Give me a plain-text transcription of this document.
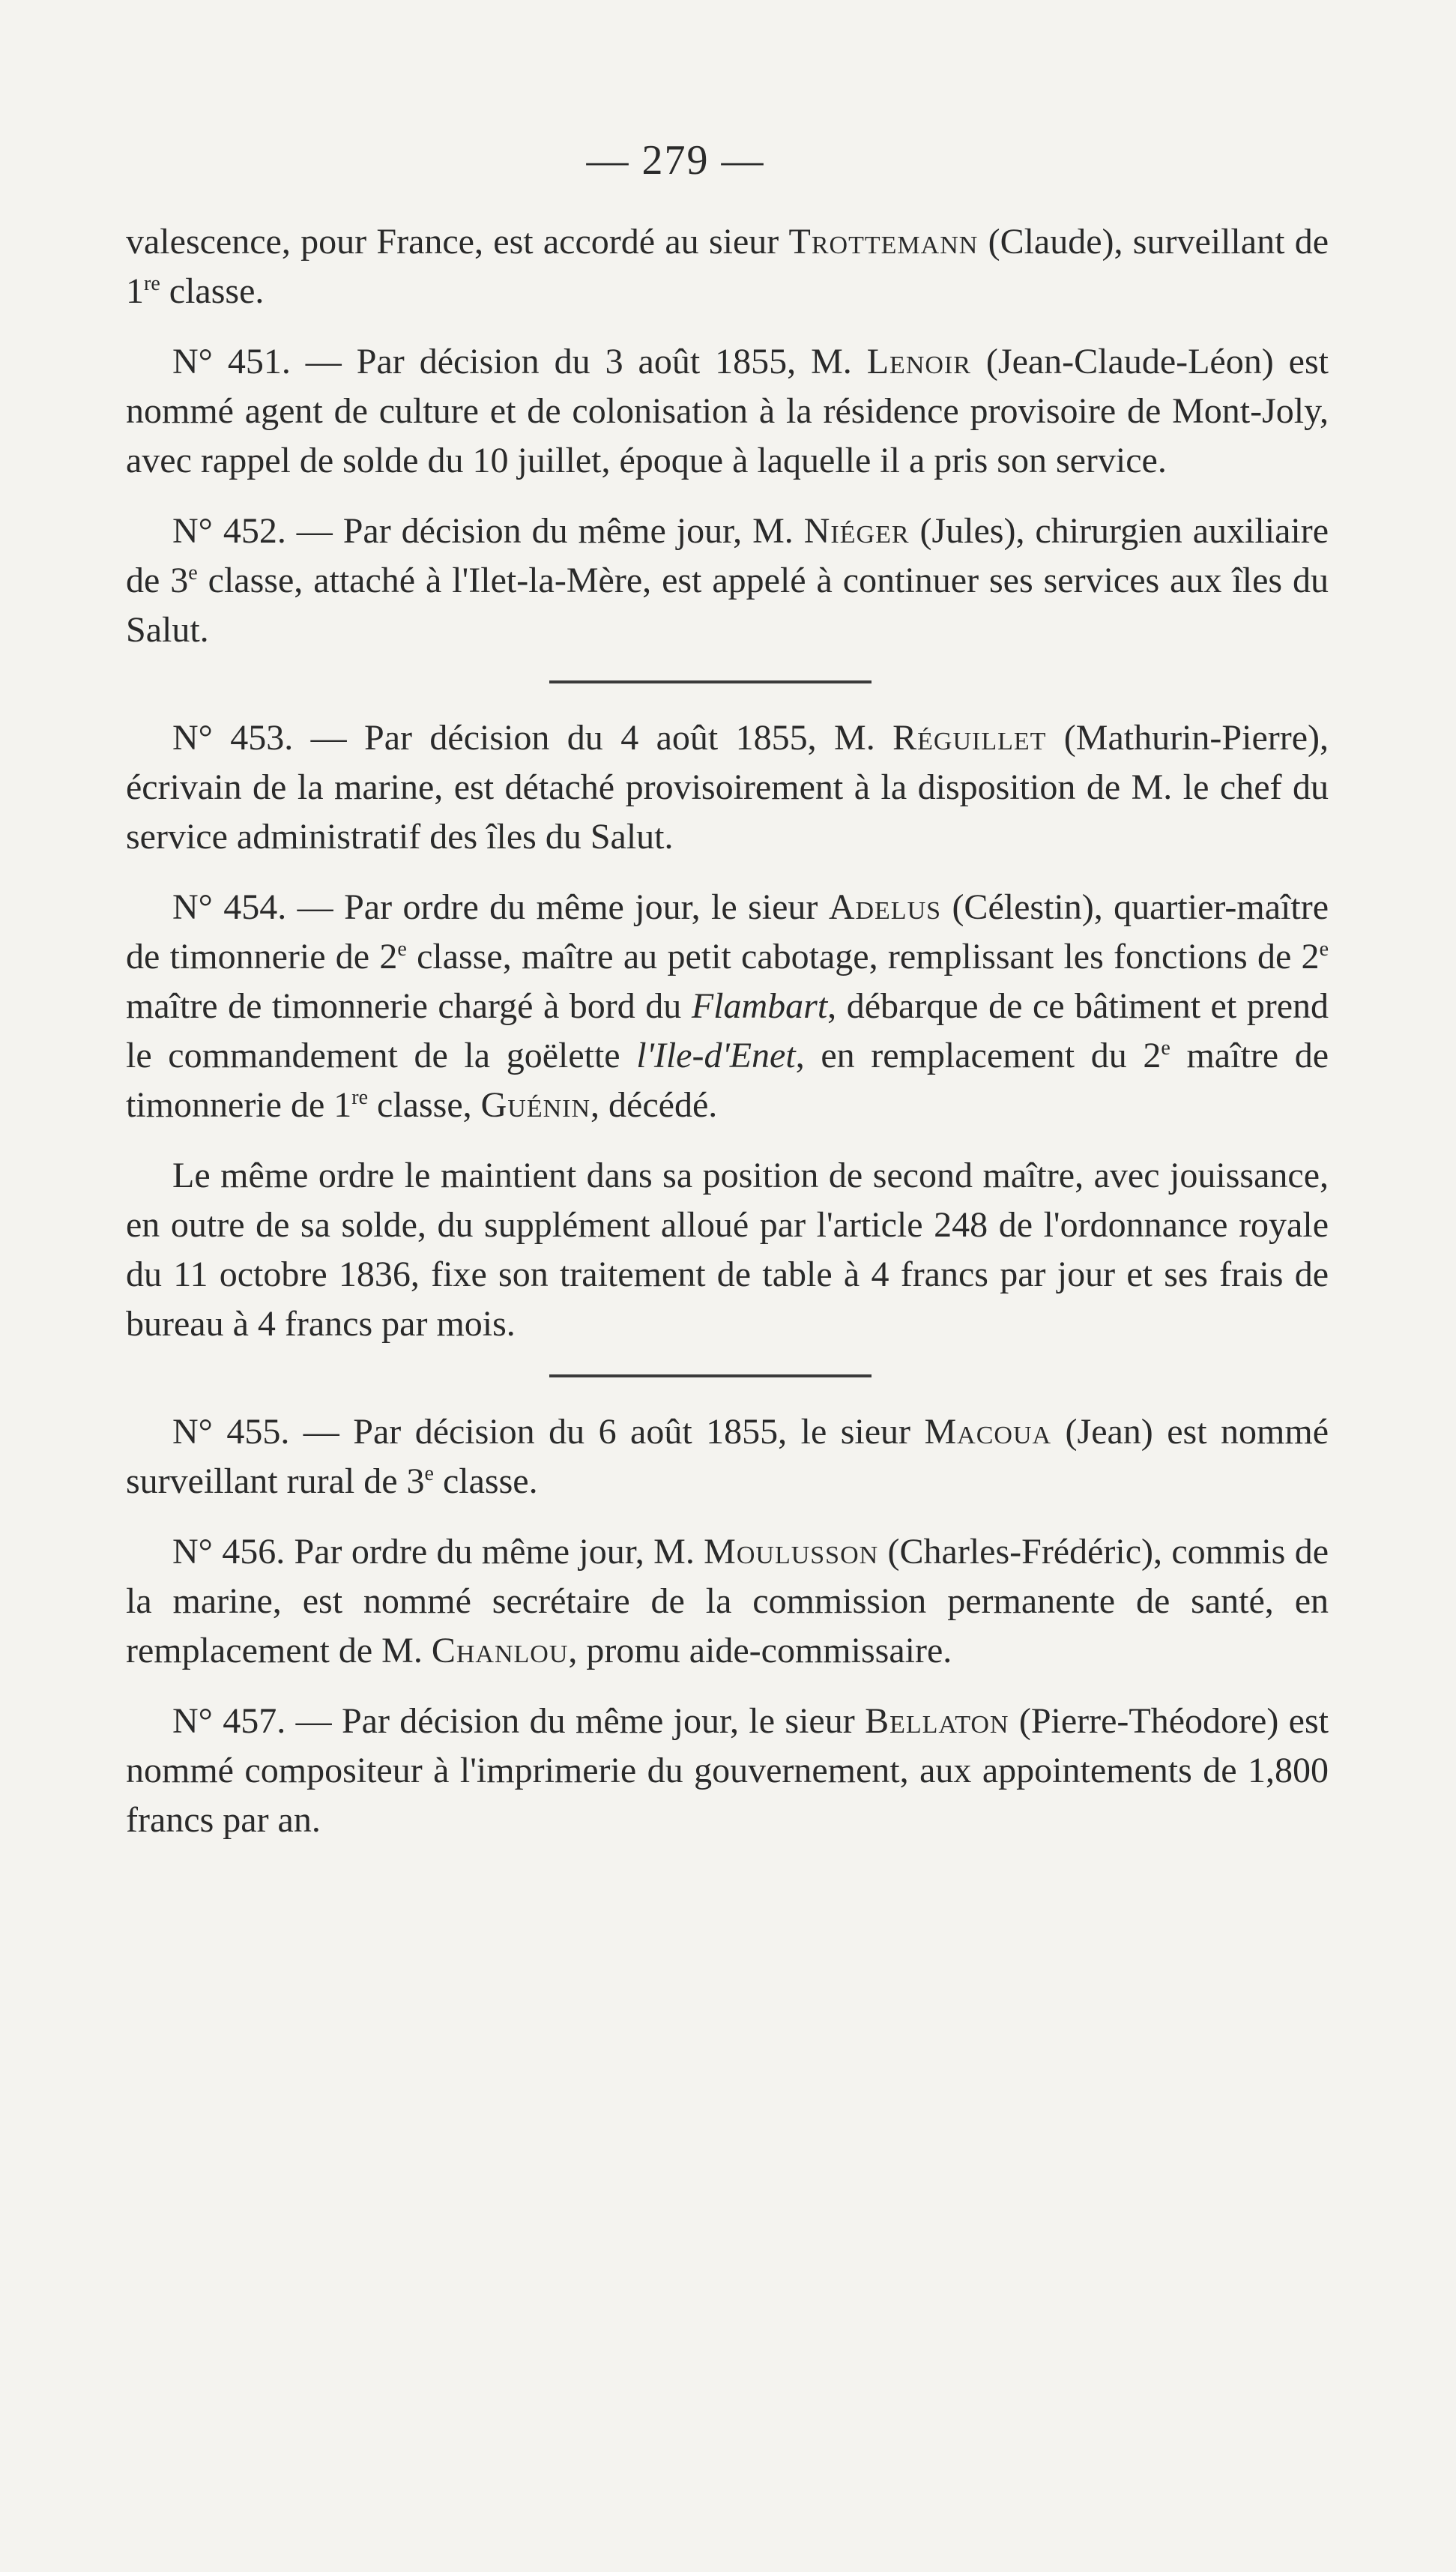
— 279 —

valescence, pour France, est accordé au sieur Trottemann (Claude), surveillant de 1re classe.

N° 451. — Par décision du 3 août 1855, M. Lenoir (Jean-Claude-Léon) est nommé agent de culture et de colonisation à la résidence provisoire de Mont-Joly, avec rappel de solde du 10 juillet, époque à laquelle il a pris son service.

N° 452. — Par décision du même jour, M. Niéger (Jules), chirurgien auxiliaire de 3e classe, attaché à l'Ilet-la-Mère, est appelé à continuer ses services aux îles du Salut.

N° 453. — Par décision du 4 août 1855, M. Réguillet (Mathurin-Pierre), écrivain de la marine, est détaché provisoirement à la disposition de M. le chef du service administratif des îles du Salut.

N° 454. — Par ordre du même jour, le sieur Adelus (Célestin), quartier-maître de timonnerie de 2e classe, maître au petit cabotage, remplissant les fonctions de 2e maître de timonnerie chargé à bord du Flambart, débarque de ce bâtiment et prend le commandement de la goëlette l'Ile-d'Enet, en remplacement du 2e maître de timonnerie de 1re classe, Guénin, décédé.

Le même ordre le maintient dans sa position de second maître, avec jouissance, en outre de sa solde, du supplément alloué par l'article 248 de l'ordonnance royale du 11 octobre 1836, fixe son traitement de table à 4 francs par jour et ses frais de bureau à 4 francs par mois.

N° 455. — Par décision du 6 août 1855, le sieur Macoua (Jean) est nommé surveillant rural de 3e classe.

N° 456. Par ordre du même jour, M. Moulusson (Charles-Frédéric), commis de la marine, est nommé secrétaire de la commission permanente de santé, en remplacement de M. Chanlou, promu aide-commissaire.

N° 457. — Par décision du même jour, le sieur Bellaton (Pierre-Théodore) est nommé compositeur à l'imprimerie du gouvernement, aux appointements de 1,800 francs par an.
